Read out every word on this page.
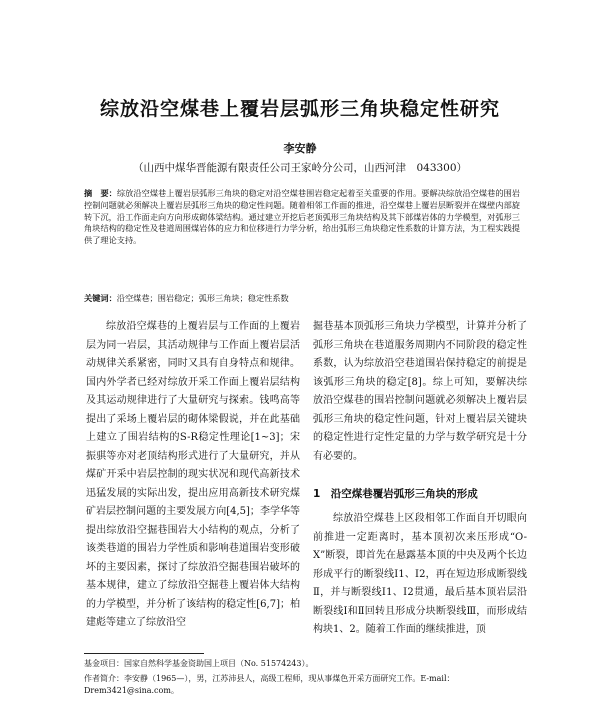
综放沿空煤巷上覆岩层弧形三角块稳定性研究
李安静
（山西中煤华晋能源有限责任公司王家岭分公司，山西河津　043300）
摘　要：综放沿空煤巷上覆岩层弧形三角块的稳定对沿空煤巷围岩稳定起着至关重要的作用。要解决综放沿空煤巷的围岩控制问题就必须解决上覆岩层弧形三角块的稳定性问题。随着相邻工作面的推进，沿空煤巷上覆岩层断裂并在煤壁内部旋转下沉，沿工作面走向方向形成砌体梁结构。通过建立开挖后老顶弧形三角块结构及其下部煤岩体的力学模型，对弧形三角块结构的稳定性及巷道周围煤岩体的应力和位移进行力学分析，给出弧形三角块稳定性系数的计算方法，为工程实践提供了理论支持。
关键词：沿空煤巷；围岩稳定；弧形三角块；稳定性系数

综放沿空煤巷的上覆岩层与工作面的上覆岩层为同一岩层，其活动规律与工作面上覆岩层活动规律关系紧密，同时又具有自身特点和规律。国内外学者已经对综放开采工作面上覆岩层结构及其运动规律进行了大量研究与探索。钱鸣高等提出了采场上覆岩层的砌体梁假说，并在此基础上建立了围岩结构的S-R稳定性理论[1~3]；宋振骐等亦对老顶结构形式进行了大量研究，并从煤矿开采中岩层控制的现实状况和现代高新技术迅猛发展的实际出发，提出应用高新技术研究煤矿岩层控制问题的主要发展方向[4,5]；李学华等提出综放沿空掘巷围岩大小结构的观点，分析了该类巷道的围岩力学性质和影响巷道围岩变形破坏的主要因素，探讨了综放沿空掘巷围岩破坏的基本规律，建立了综放沿空掘巷上覆岩体大结构的力学模型，并分析了该结构的稳定性[6,7]；柏建彪等建立了综放沿空

掘巷基本顶弧形三角块力学模型，计算并分析了弧形三角块在巷道服务周期内不同阶段的稳定性系数，认为综放沿空巷道围岩保持稳定的前提是该弧形三角块的稳定[8]。综上可知，要解决综放沿空煤巷的围岩控制问题就必须解决上覆岩层弧形三角块的稳定性问题，针对上覆岩层关键块的稳定性进行定性定量的力学与数学研究是十分有必要的。

1　沿空煤巷覆岩弧形三角块的形成

综放沿空煤巷上区段相邻工作面自开切眼向前推进一定距离时，基本顶初次来压形成“O-X”断裂，即首先在悬露基本顶的中央及两个长边形成平行的断裂线Ⅰ1、Ⅰ2，再在短边形成断裂线Ⅱ，并与断裂线Ⅰ1、Ⅰ2贯通，最后基本顶岩层沿断裂线Ⅰ和Ⅱ回转且形成分块断裂线Ⅲ，而形成结构块1、2。随着工作面的继续推进，顶

基金项目：国家自然科学基金资助国上项目（No. 51574243）。
作者简介：李安静（1965—），男，江苏沛县人，高级工程师，现从事煤色开采方面研究工作。E-mail：Drem3421@sina.com。
